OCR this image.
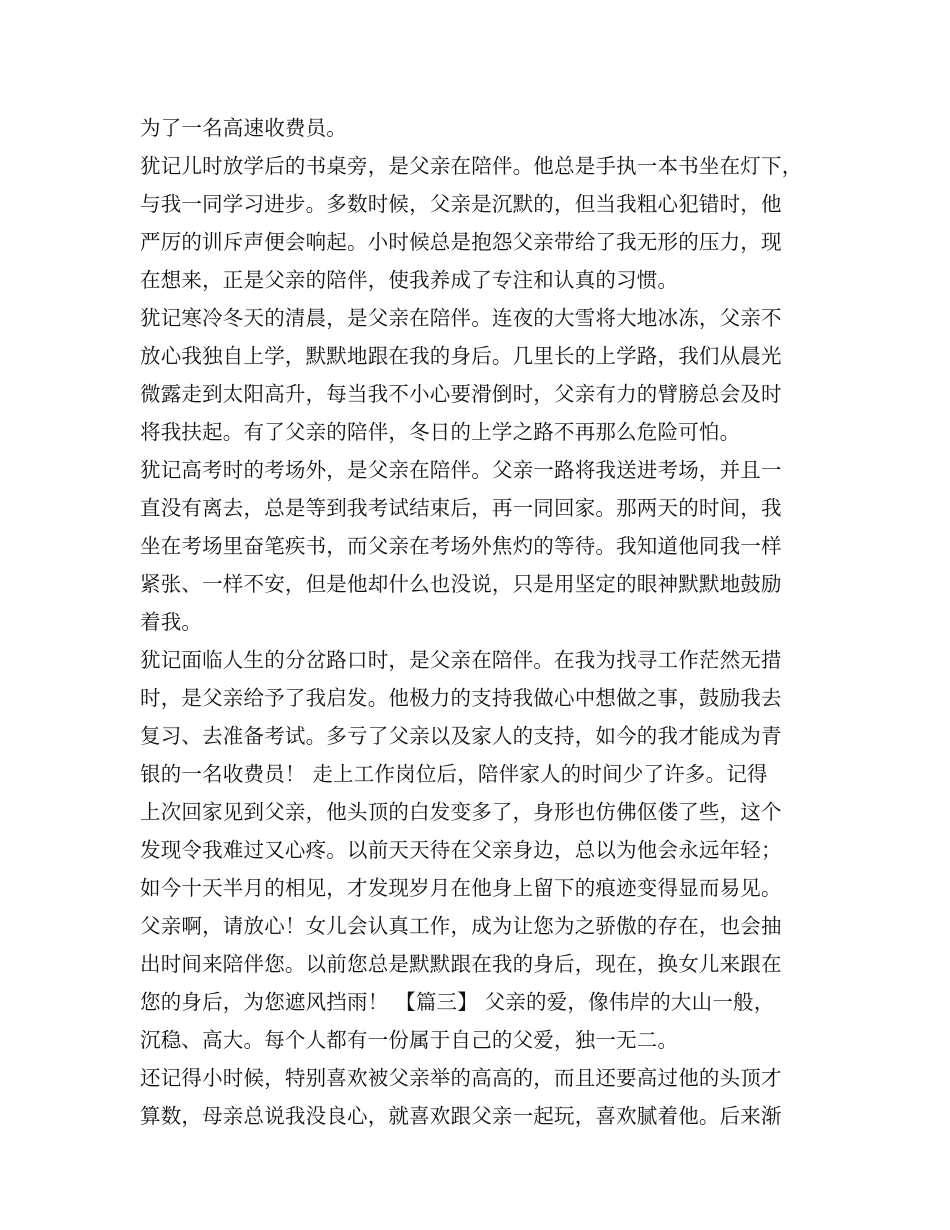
为了一名高速收费员。
犹记儿时放学后的书桌旁，是父亲在陪伴。他总是手执一本书坐在灯下，
与我一同学习进步。多数时候，父亲是沉默的，但当我粗心犯错时，他
严厉的训斥声便会响起。小时候总是抱怨父亲带给了我无形的压力，现
在想来，正是父亲的陪伴，使我养成了专注和认真的习惯。
犹记寒冷冬天的清晨，是父亲在陪伴。连夜的大雪将大地冰冻，父亲不
放心我独自上学，默默地跟在我的身后。几里长的上学路，我们从晨光
微露走到太阳高升，每当我不小心要滑倒时，父亲有力的臂膀总会及时
将我扶起。有了父亲的陪伴，冬日的上学之路不再那么危险可怕。
犹记高考时的考场外，是父亲在陪伴。父亲一路将我送进考场，并且一
直没有离去，总是等到我考试结束后，再一同回家。那两天的时间，我
坐在考场里奋笔疾书，而父亲在考场外焦灼的等待。我知道他同我一样
紧张、一样不安，但是他却什么也没说，只是用坚定的眼神默默地鼓励
着我。
犹记面临人生的分岔路口时，是父亲在陪伴。在我为找寻工作茫然无措
时，是父亲给予了我启发。他极力的支持我做心中想做之事，鼓励我去
复习、去准备考试。多亏了父亲以及家人的支持，如今的我才能成为青
银的一名收费员！ 走上工作岗位后，陪伴家人的时间少了许多。记得
上次回家见到父亲，他头顶的白发变多了，身形也仿佛伛偻了些，这个
发现令我难过又心疼。以前天天待在父亲身边，总以为他会永远年轻；
如今十天半月的相见，才发现岁月在他身上留下的痕迹变得显而易见。
父亲啊，请放心！女儿会认真工作，成为让您为之骄傲的存在，也会抽
出时间来陪伴您。以前您总是默默跟在我的身后，现在，换女儿来跟在
您的身后，为您遮风挡雨！ 【篇三】 父亲的爱，像伟岸的大山一般，
沉稳、高大。每个人都有一份属于自己的父爱，独一无二。
还记得小时候，特别喜欢被父亲举的高高的，而且还要高过他的头顶才
算数，母亲总说我没良心，就喜欢跟父亲一起玩，喜欢腻着他。后来渐
